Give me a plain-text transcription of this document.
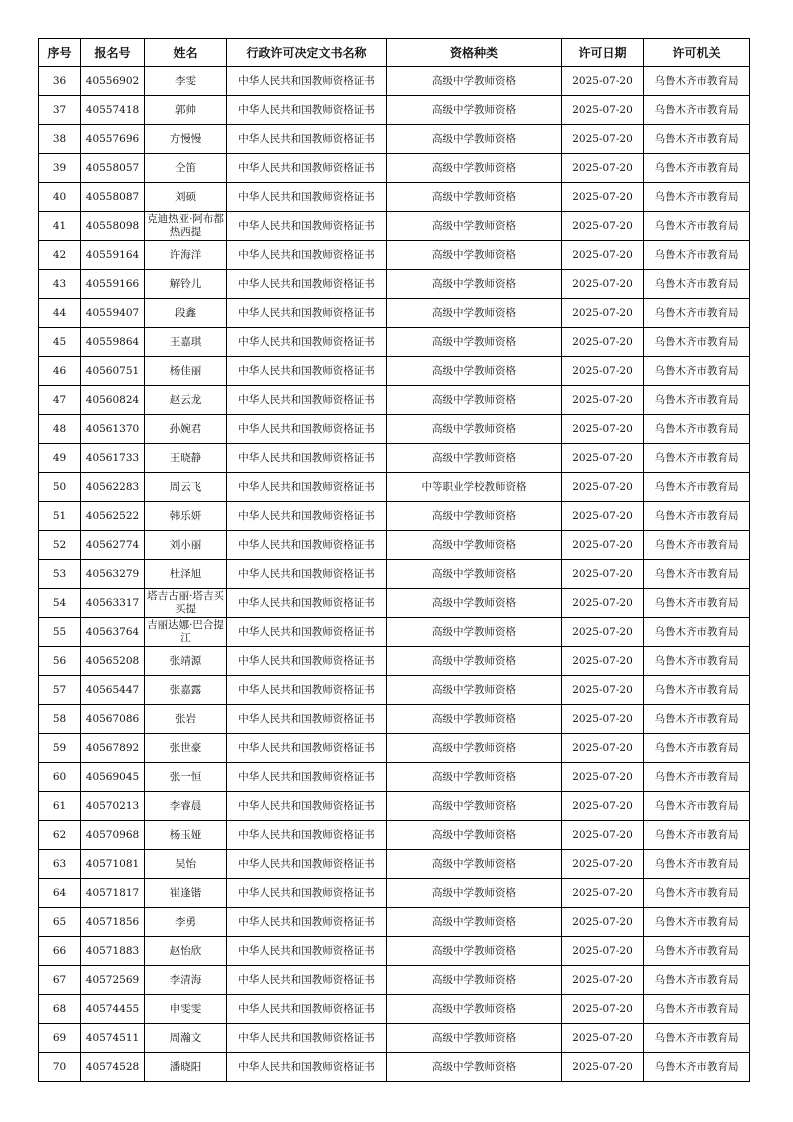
序号	报名号	姓名	行政许可决定文书名称	资格种类	许可日期	许可机关
36	40556902	李雯	中华人民共和国教师资格证书	高级中学教师资格	2025-07-20	乌鲁木齐市教育局
37	40557418	郭帅	中华人民共和国教师资格证书	高级中学教师资格	2025-07-20	乌鲁木齐市教育局
38	40557696	方慢慢	中华人民共和国教师资格证书	高级中学教师资格	2025-07-20	乌鲁木齐市教育局
39	40558057	仝笛	中华人民共和国教师资格证书	高级中学教师资格	2025-07-20	乌鲁木齐市教育局
40	40558087	刘硕	中华人民共和国教师资格证书	高级中学教师资格	2025-07-20	乌鲁木齐市教育局
41	40558098	克迪热亚·阿布都热西提	中华人民共和国教师资格证书	高级中学教师资格	2025-07-20	乌鲁木齐市教育局
42	40559164	许海洋	中华人民共和国教师资格证书	高级中学教师资格	2025-07-20	乌鲁木齐市教育局
43	40559166	解铃儿	中华人民共和国教师资格证书	高级中学教师资格	2025-07-20	乌鲁木齐市教育局
44	40559407	段鑫	中华人民共和国教师资格证书	高级中学教师资格	2025-07-20	乌鲁木齐市教育局
45	40559864	王嘉琪	中华人民共和国教师资格证书	高级中学教师资格	2025-07-20	乌鲁木齐市教育局
46	40560751	杨佳丽	中华人民共和国教师资格证书	高级中学教师资格	2025-07-20	乌鲁木齐市教育局
47	40560824	赵云龙	中华人民共和国教师资格证书	高级中学教师资格	2025-07-20	乌鲁木齐市教育局
48	40561370	孙婉君	中华人民共和国教师资格证书	高级中学教师资格	2025-07-20	乌鲁木齐市教育局
49	40561733	王晓静	中华人民共和国教师资格证书	高级中学教师资格	2025-07-20	乌鲁木齐市教育局
50	40562283	周云飞	中华人民共和国教师资格证书	中等职业学校教师资格	2025-07-20	乌鲁木齐市教育局
51	40562522	韩乐妍	中华人民共和国教师资格证书	高级中学教师资格	2025-07-20	乌鲁木齐市教育局
52	40562774	刘小丽	中华人民共和国教师资格证书	高级中学教师资格	2025-07-20	乌鲁木齐市教育局
53	40563279	杜泽旭	中华人民共和国教师资格证书	高级中学教师资格	2025-07-20	乌鲁木齐市教育局
54	40563317	塔吉古丽·塔吉买买提	中华人民共和国教师资格证书	高级中学教师资格	2025-07-20	乌鲁木齐市教育局
55	40563764	吉丽达娜·巴合提江	中华人民共和国教师资格证书	高级中学教师资格	2025-07-20	乌鲁木齐市教育局
56	40565208	张靖源	中华人民共和国教师资格证书	高级中学教师资格	2025-07-20	乌鲁木齐市教育局
57	40565447	张嘉露	中华人民共和国教师资格证书	高级中学教师资格	2025-07-20	乌鲁木齐市教育局
58	40567086	张岩	中华人民共和国教师资格证书	高级中学教师资格	2025-07-20	乌鲁木齐市教育局
59	40567892	张世豪	中华人民共和国教师资格证书	高级中学教师资格	2025-07-20	乌鲁木齐市教育局
60	40569045	张一恒	中华人民共和国教师资格证书	高级中学教师资格	2025-07-20	乌鲁木齐市教育局
61	40570213	李睿晨	中华人民共和国教师资格证书	高级中学教师资格	2025-07-20	乌鲁木齐市教育局
62	40570968	杨玉娅	中华人民共和国教师资格证书	高级中学教师资格	2025-07-20	乌鲁木齐市教育局
63	40571081	吴怡	中华人民共和国教师资格证书	高级中学教师资格	2025-07-20	乌鲁木齐市教育局
64	40571817	崔逢锴	中华人民共和国教师资格证书	高级中学教师资格	2025-07-20	乌鲁木齐市教育局
65	40571856	李勇	中华人民共和国教师资格证书	高级中学教师资格	2025-07-20	乌鲁木齐市教育局
66	40571883	赵怡欣	中华人民共和国教师资格证书	高级中学教师资格	2025-07-20	乌鲁木齐市教育局
67	40572569	李清海	中华人民共和国教师资格证书	高级中学教师资格	2025-07-20	乌鲁木齐市教育局
68	40574455	申雯雯	中华人民共和国教师资格证书	高级中学教师资格	2025-07-20	乌鲁木齐市教育局
69	40574511	周瀚文	中华人民共和国教师资格证书	高级中学教师资格	2025-07-20	乌鲁木齐市教育局
70	40574528	潘晓阳	中华人民共和国教师资格证书	高级中学教师资格	2025-07-20	乌鲁木齐市教育局
